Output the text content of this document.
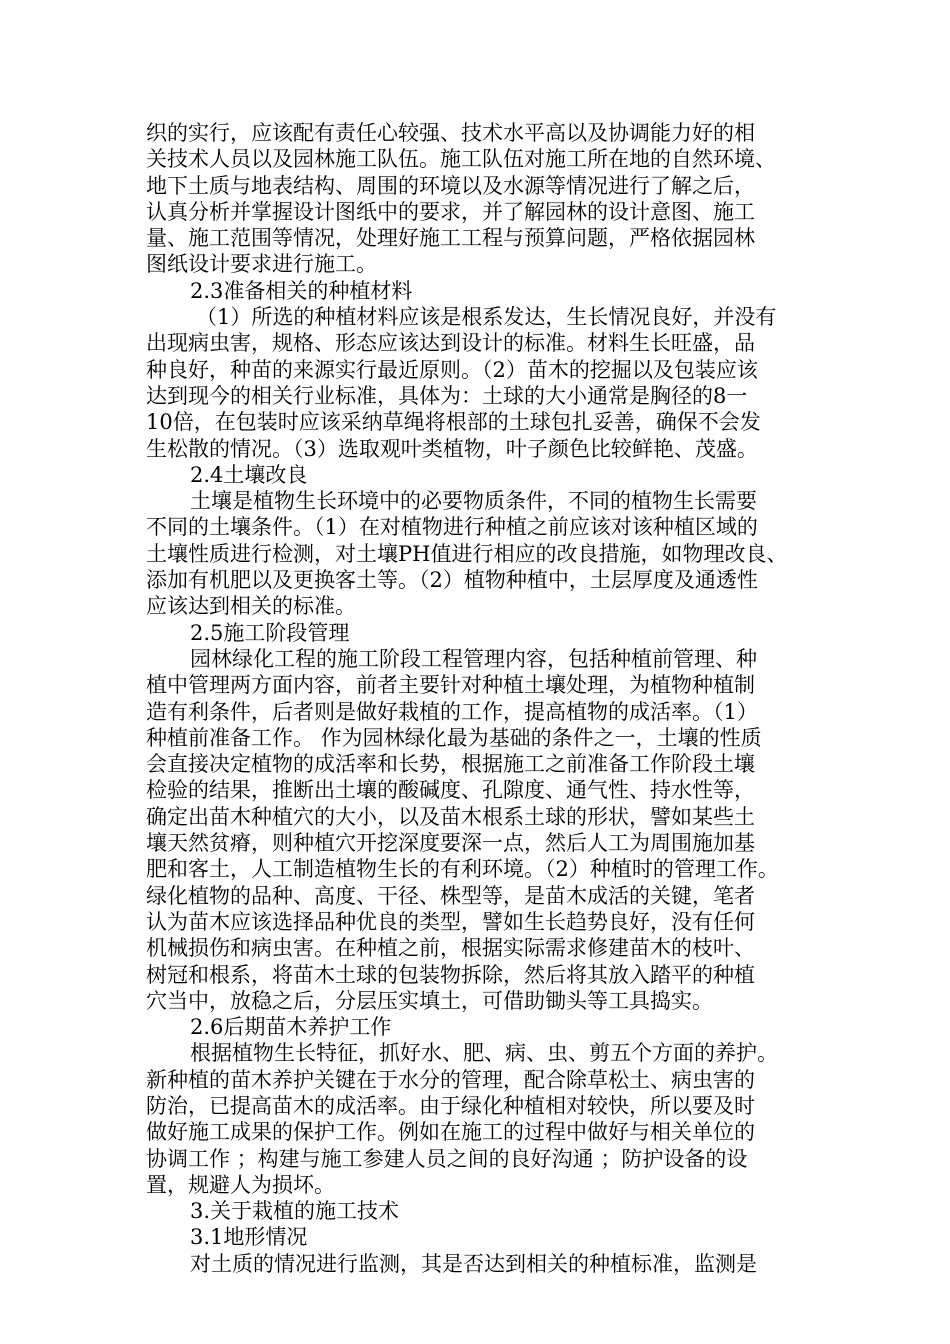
织的实行，应该配有责任心较强、技术水平高以及协调能力好的相
关技术人员以及园林施工队伍。施工队伍对施工所在地的自然环境、
地下土质与地表结构、周围的环境以及水源等情况进行了解之后，
认真分析并掌握设计图纸中的要求，并了解园林的设计意图、施工
量、施工范围等情况，处理好施工工程与预算问题，严格依据园林
图纸设计要求进行施工。
2.3准备相关的种植材料
（1）所选的种植材料应该是根系发达，生长情况良好，并没有
出现病虫害，规格、形态应该达到设计的标准。材料生长旺盛，品
种良好，种苗的来源实行最近原则。（2）苗木的挖掘以及包装应该
达到现今的相关行业标准，具体为：土球的大小通常是胸径的8一
10倍，在包装时应该采纳草绳将根部的土球包扎妥善，确保不会发
生松散的情况。（3）选取观叶类植物，叶子颜色比较鲜艳、茂盛。
2.4土壤改良
土壤是植物生长环境中的必要物质条件，不同的植物生长需要
不同的土壤条件。（1）在对植物进行种植之前应该对该种植区域的
土壤性质进行检测，对土壤PH值进行相应的改良措施，如物理改良、
添加有机肥以及更换客土等。（2）植物种植中，土层厚度及通透性
应该达到相关的标准。
2.5施工阶段管理
园林绿化工程的施工阶段工程管理内容，包括种植前管理、种
植中管理两方面内容，前者主要针对种植土壤处理，为植物种植制
造有利条件，后者则是做好栽植的工作，提高植物的成活率。（1）
种植前准备工作。 作为园林绿化最为基础的条件之一，土壤的性质
会直接决定植物的成活率和长势，根据施工之前准备工作阶段土壤
检验的结果，推断出土壤的酸碱度、孔隙度、通气性、持水性等，
确定出苗木种植穴的大小，以及苗木根系土球的形状，譬如某些土
壤天然贫瘠，则种植穴开挖深度要深一点，然后人工为周围施加基
肥和客土，人工制造植物生长的有利环境。（2）种植时的管理工作。
绿化植物的品种、高度、干径、株型等，是苗木成活的关键，笔者
认为苗木应该选择品种优良的类型，譬如生长趋势良好，没有任何
机械损伤和病虫害。在种植之前，根据实际需求修建苗木的枝叶、
树冠和根系，将苗木土球的包装物拆除，然后将其放入踏平的种植
穴当中，放稳之后，分层压实填土，可借助锄头等工具捣实。
2.6后期苗木养护工作
根据植物生长特征，抓好水、肥、病、虫、剪五个方面的养护。
新种植的苗木养护关键在于水分的管理，配合除草松土、病虫害的
防治，已提高苗木的成活率。由于绿化种植相对较快，所以要及时
做好施工成果的保护工作。例如在施工的过程中做好与相关单位的
协调工作 ；构建与施工参建人员之间的良好沟通 ；防护设备的设
置，规避人为损坏。
3.关于栽植的施工技术
3.1地形情况
对土质的情况进行监测，其是否达到相关的种植标准，监测是
